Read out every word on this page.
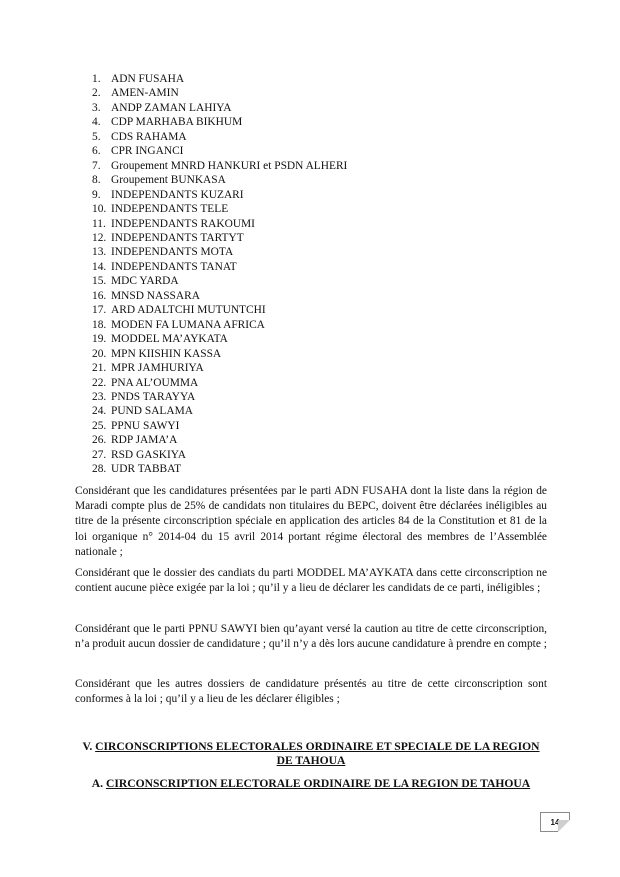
1. ADN FUSAHA
2. AMEN-AMIN
3. ANDP ZAMAN LAHIYA
4. CDP MARHABA BIKHUM
5. CDS RAHAMA
6. CPR INGANCI
7. Groupement MNRD HANKURI et PSDN ALHERI
8. Groupement BUNKASA
9. INDEPENDANTS KUZARI
10. INDEPENDANTS TELE
11. INDEPENDANTS RAKOUMI
12. INDEPENDANTS TARTYT
13. INDEPENDANTS MOTA
14. INDEPENDANTS TANAT
15. MDC YARDA
16. MNSD NASSARA
17. ARD ADALTCHI MUTUNTCHI
18. MODEN FA LUMANA AFRICA
19. MODDEL MA’AYKATA
20. MPN KIISHIN KASSA
21. MPR JAMHURIYA
22. PNA AL’OUMMA
23. PNDS TARAYYA
24. PUND SALAMA
25. PPNU SAWYI
26. RDP JAMA’A
27. RSD GASKIYA
28. UDR TABBAT

Considérant que les candidatures présentées par le parti ADN FUSAHA dont la liste dans la région de Maradi compte plus de 25% de candidats non titulaires du BEPC, doivent être déclarées inéligibles au titre de la présente circonscription spéciale en application des articles 84 de la Constitution et 81 de la loi organique n° 2014-04 du 15 avril 2014 portant régime électoral des membres de l’Assemblée nationale ;

Considérant que le dossier des candiats du parti MODDEL MA’AYKATA dans cette circonscription ne contient aucune pièce exigée par la loi ; qu’il y a lieu de déclarer les candidats de ce parti, inéligibles ;

Considérant que le parti PPNU SAWYI bien qu’ayant versé la caution au titre de cette circonscription, n’a produit aucun dossier de candidature ; qu’il n’y a dès lors aucune candidature à prendre en compte ;

Considérant que les autres dossiers de candidature présentés au titre de cette circonscription sont conformes à la loi ; qu’il y a lieu de les déclarer éligibles ;

V. CIRCONSCRIPTIONS ELECTORALES ORDINAIRE ET SPECIALE DE LA REGION DE TAHOUA
A. CIRCONSCRIPTION ELECTORALE ORDINAIRE DE LA REGION DE TAHOUA
14
